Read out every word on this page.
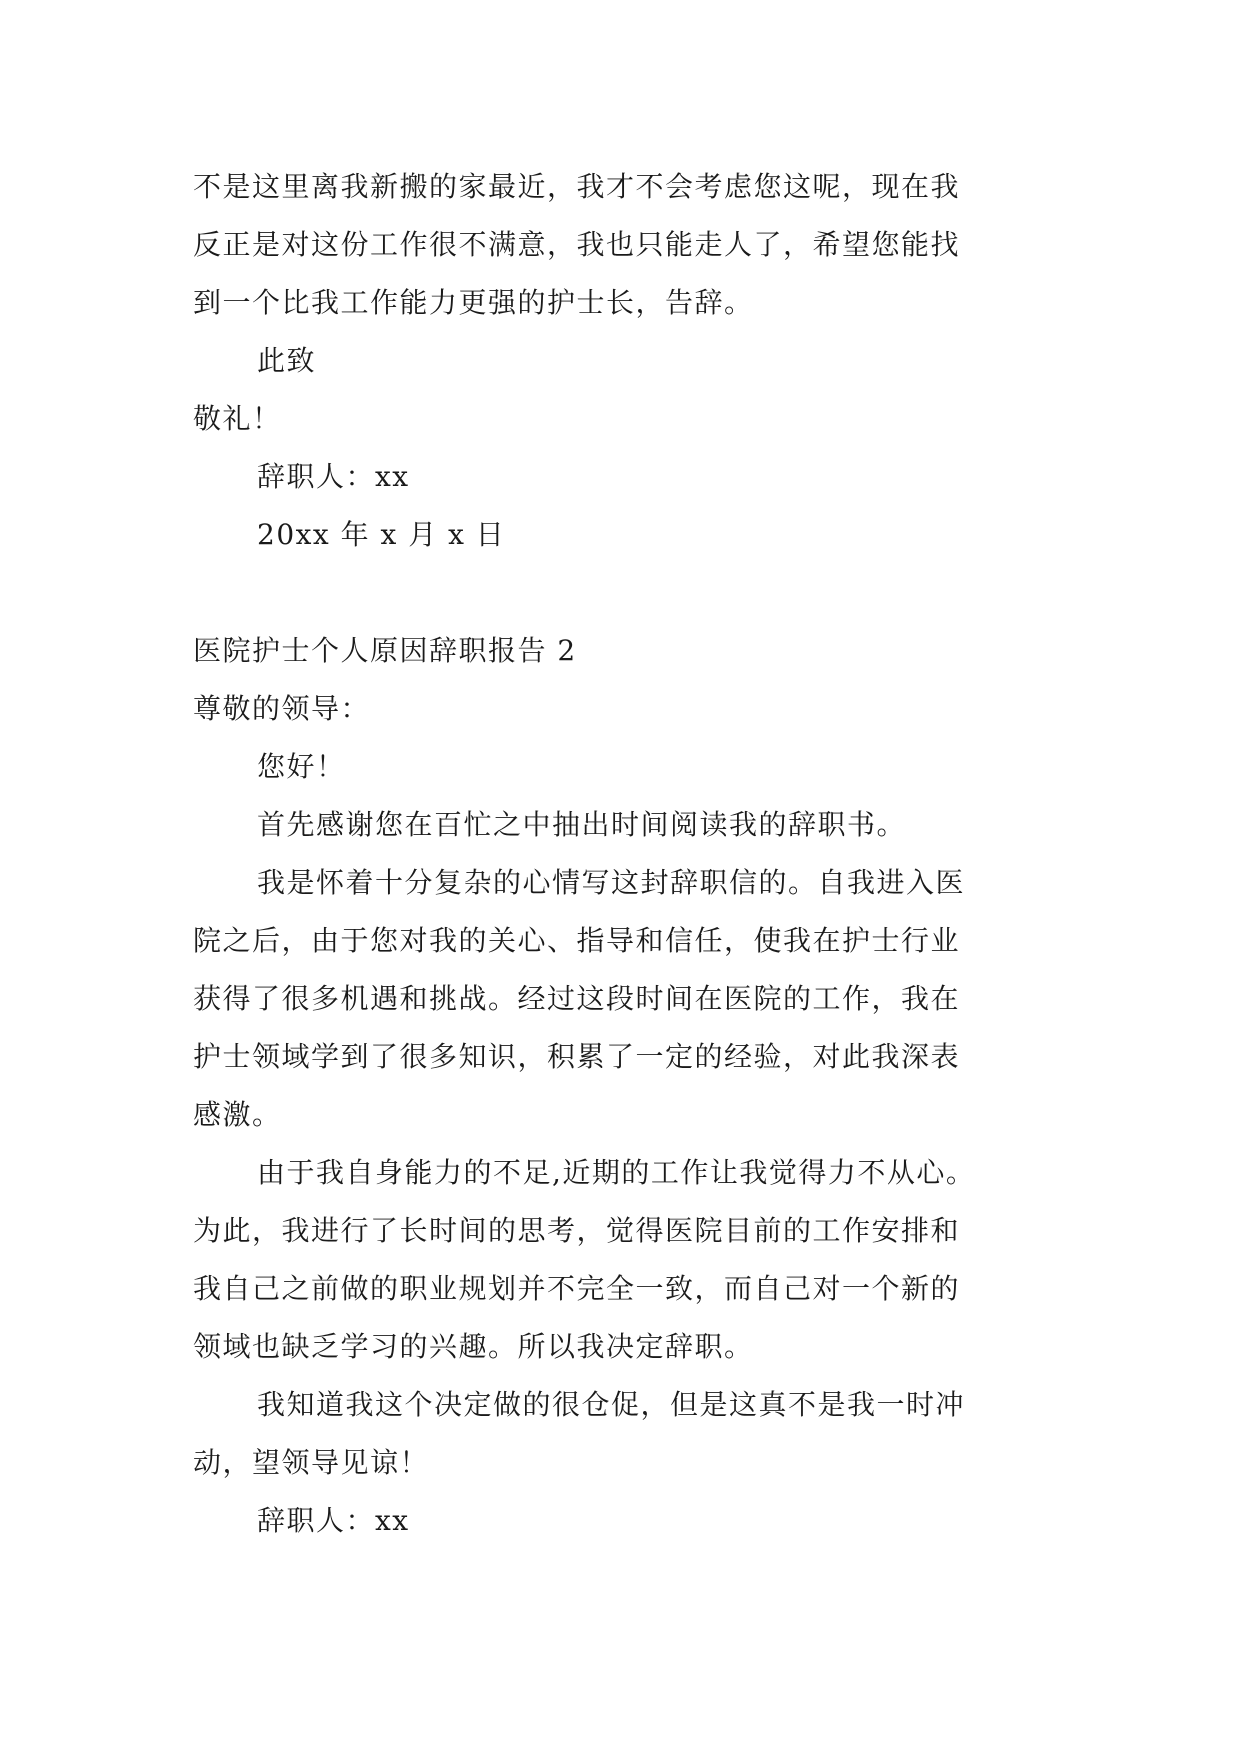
不是这里离我新搬的家最近，我才不会考虑您这呢，现在我
反正是对这份工作很不满意，我也只能走人了，希望您能找
到一个比我工作能力更强的护士长，告辞。
此致
敬礼！
辞职人：xx
20xx 年 x 月 x 日
医院护士个人原因辞职报告 2
尊敬的领导：
您好！
首先感谢您在百忙之中抽出时间阅读我的辞职书。
我是怀着十分复杂的心情写这封辞职信的。自我进入医
院之后，由于您对我的关心、指导和信任，使我在护士行业
获得了很多机遇和挑战。经过这段时间在医院的工作，我在
护士领域学到了很多知识，积累了一定的经验，对此我深表
感激。
由于我自身能力的不足,近期的工作让我觉得力不从心。
为此，我进行了长时间的思考，觉得医院目前的工作安排和
我自己之前做的职业规划并不完全一致，而自己对一个新的
领域也缺乏学习的兴趣。所以我决定辞职。
我知道我这个决定做的很仓促，但是这真不是我一时冲
动，望领导见谅！
辞职人：xx
